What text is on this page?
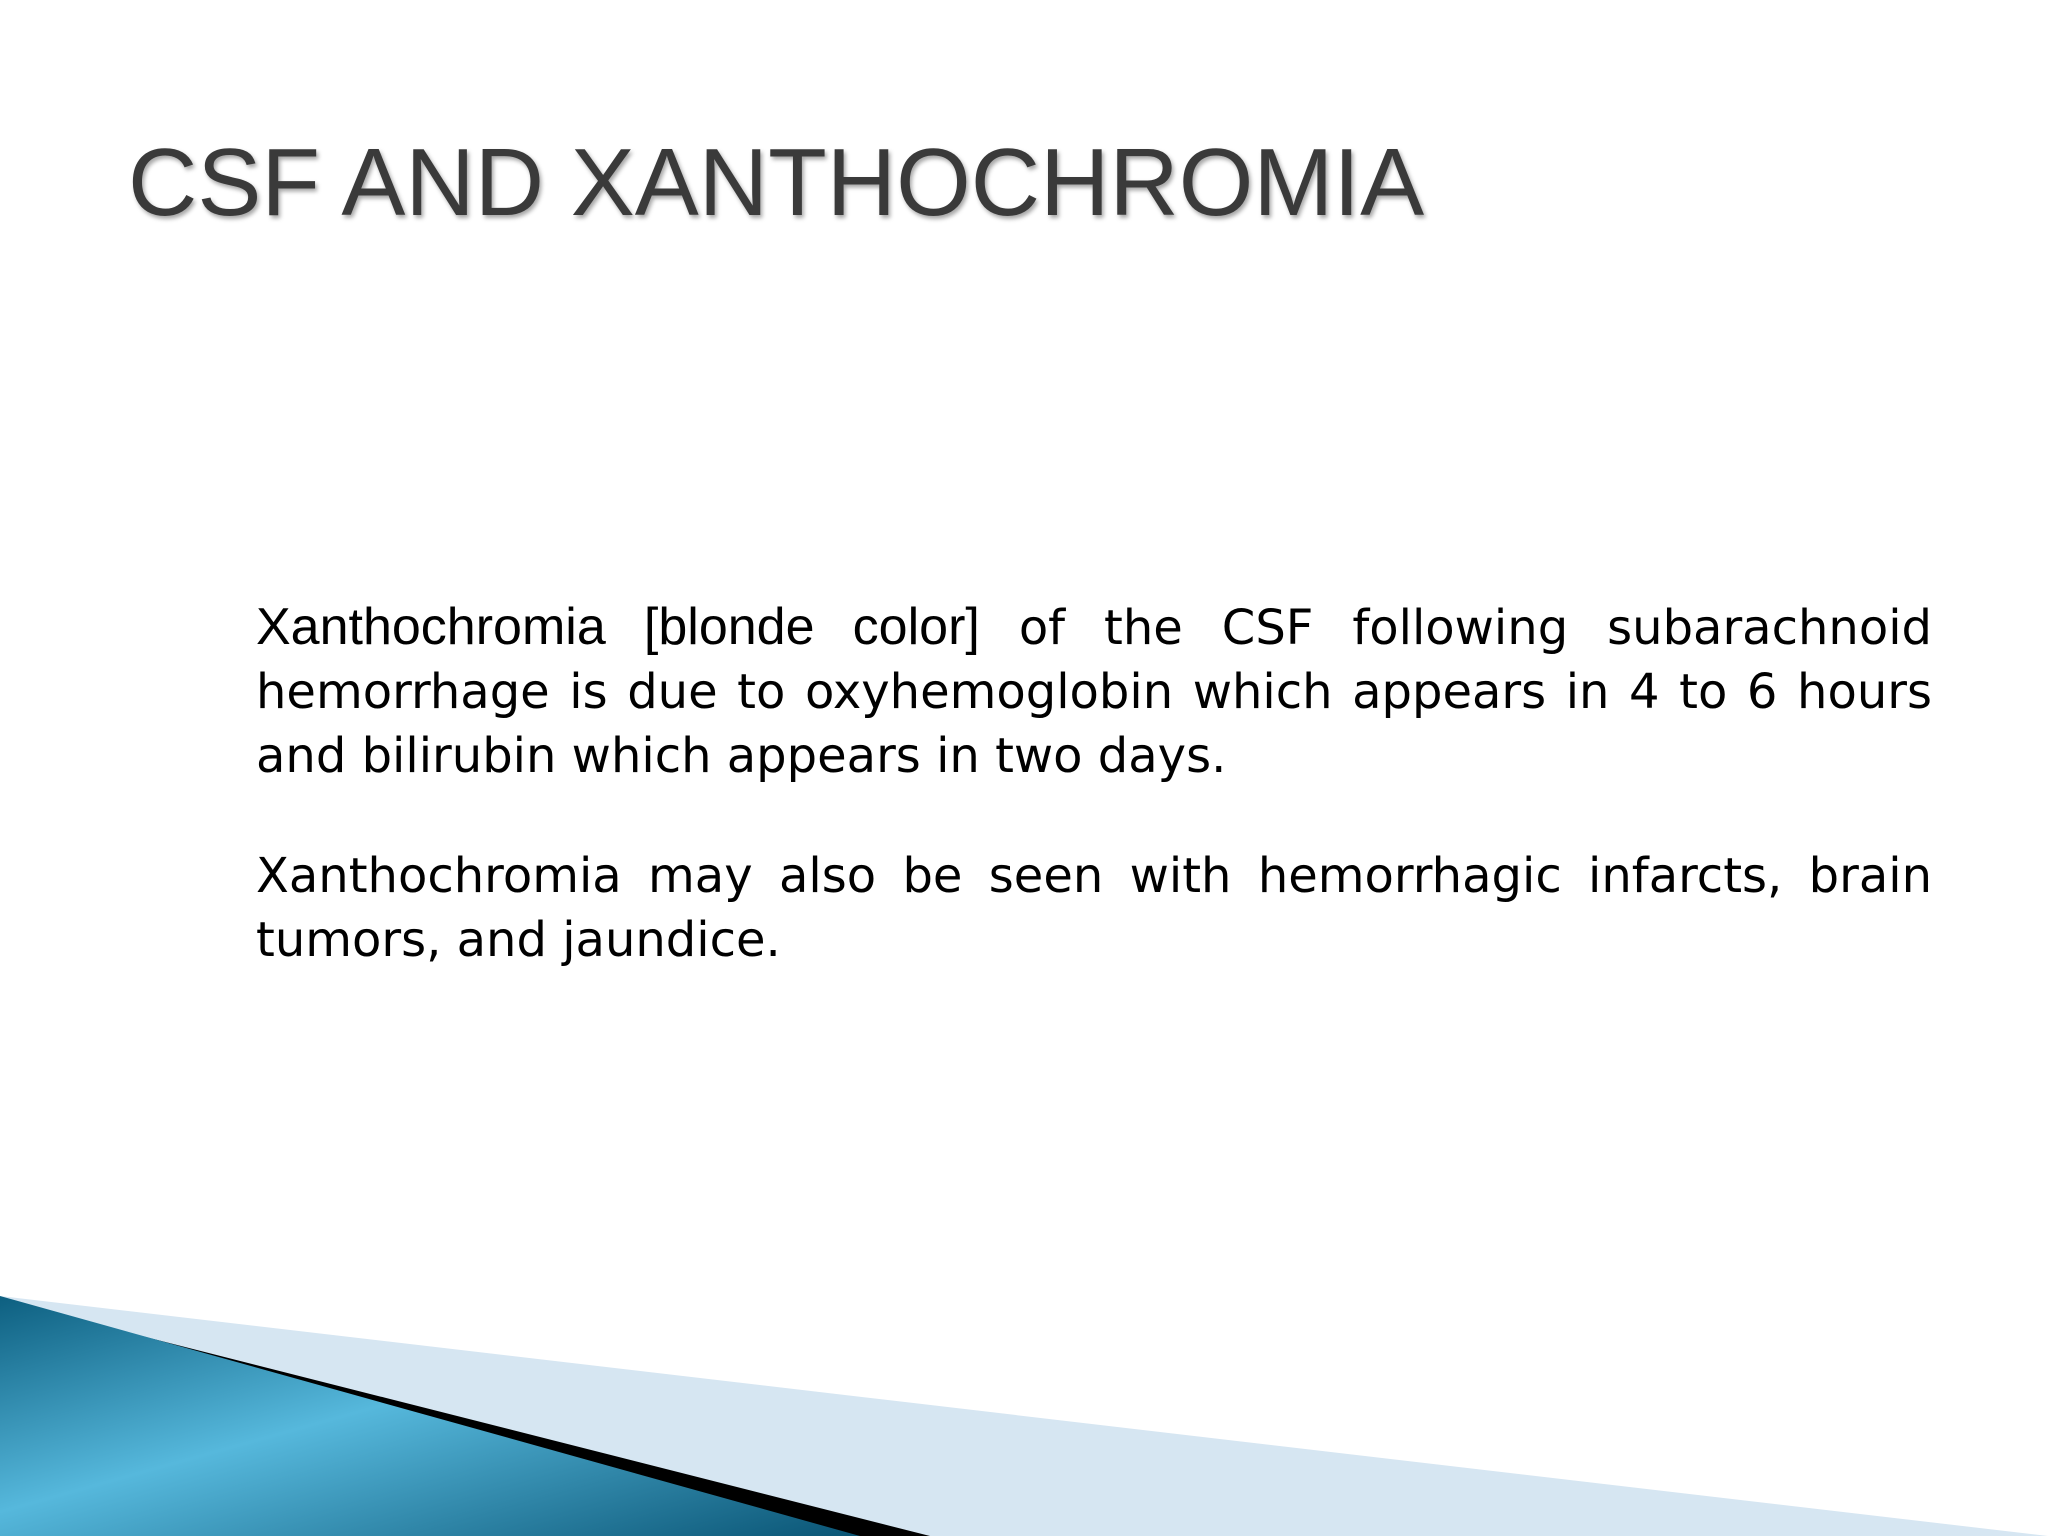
CSF AND XANTHOCHROMIA

Xanthochromia [blonde color] of the CSF following subarachnoid hemorrhage is due to oxyhemoglobin which appears in 4 to 6 hours and bilirubin which appears in two days.

Xanthochromia may also be seen with hemorrhagic infarcts, brain tumors, and jaundice.
